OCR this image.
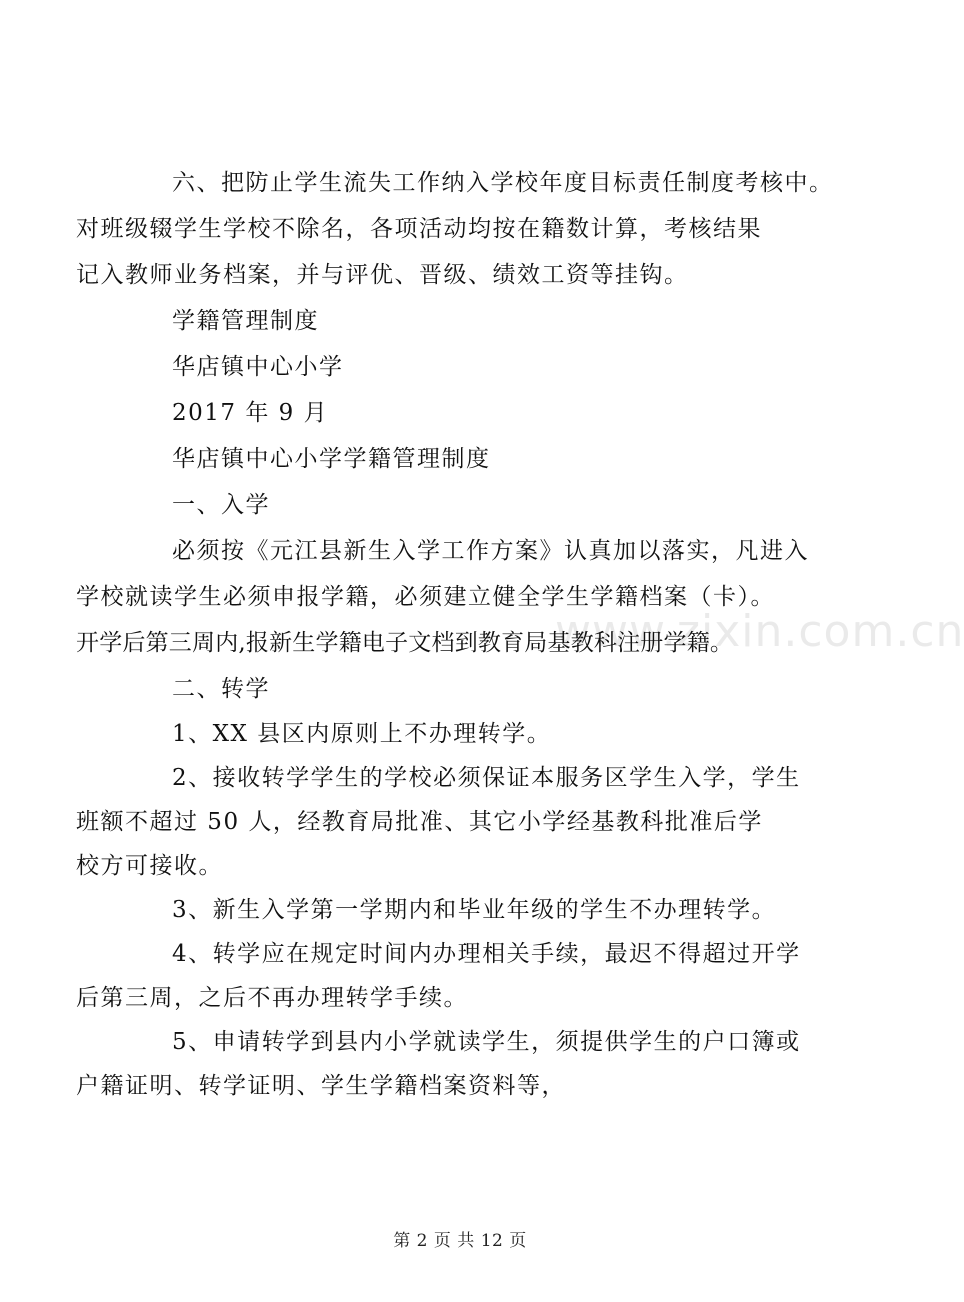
www.zixin.com.cn
六、把防止学生流失工作纳入学校年度目标责任制度考核中。
对班级辍学生学校不除名，各项活动均按在籍数计算，考核结果
记入教师业务档案，并与评优、晋级、绩效工资等挂钩。
学籍管理制度
华店镇中心小学
2017 年 9 月
华店镇中心小学学籍管理制度
一、入学
必须按《元江县新生入学工作方案》认真加以落实，凡进入
学校就读学生必须申报学籍，必须建立健全学生学籍档案（卡）。
开学后第三周内,报新生学籍电子文档到教育局基教科注册学籍。
二、转学
1、XX 县区内原则上不办理转学。
2、接收转学学生的学校必须保证本服务区学生入学，学生
班额不超过 50 人，经教育局批准、其它小学经基教科批准后学
校方可接收。
3、新生入学第一学期内和毕业年级的学生不办理转学。
4、转学应在规定时间内办理相关手续，最迟不得超过开学
后第三周，之后不再办理转学手续。
5、申请转学到县内小学就读学生，须提供学生的户口簿或
户籍证明、转学证明、学生学籍档案资料等，
第 2 页 共 12 页
